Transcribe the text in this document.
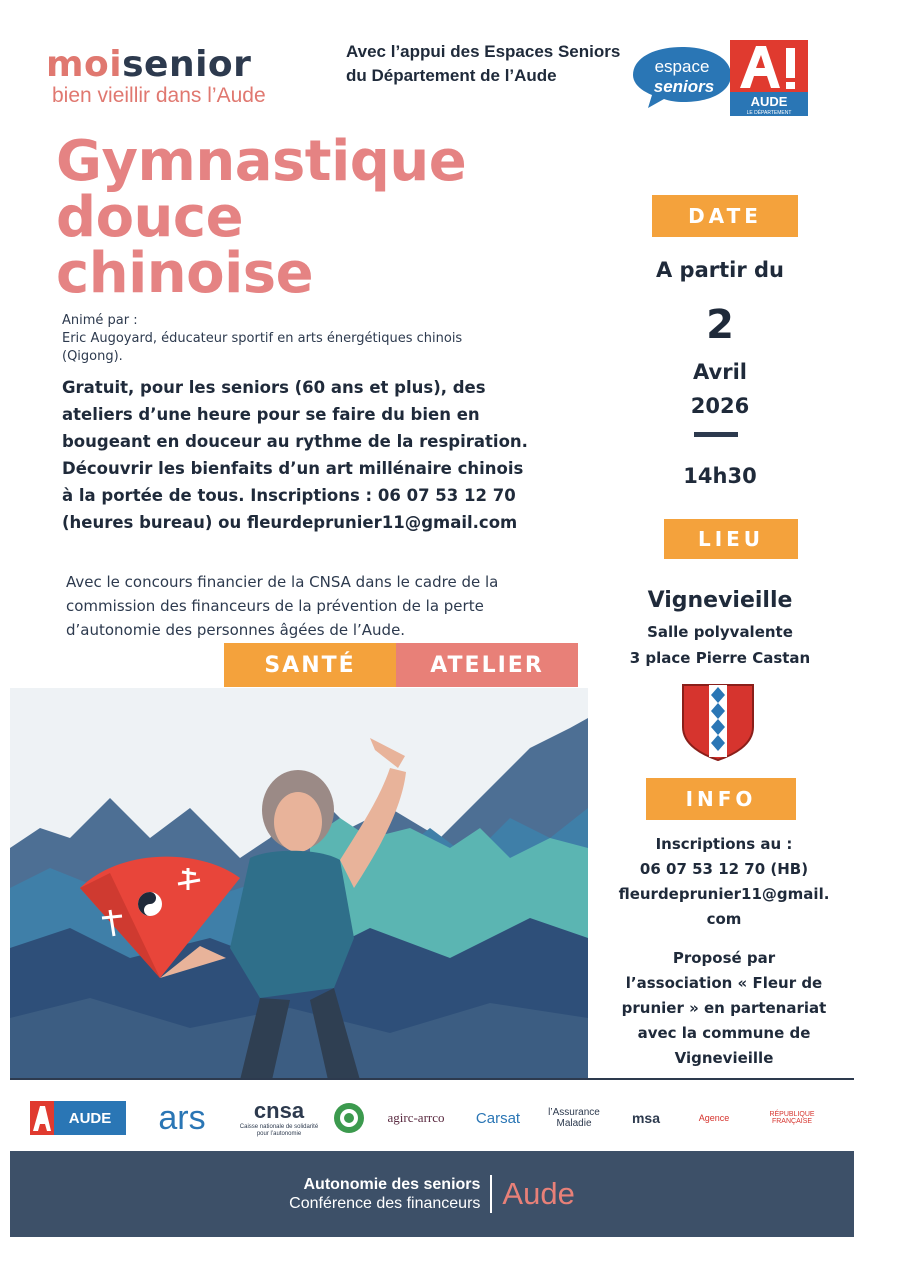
moisenior
bien vieillir dans l’Aude
Avec l’appui des Espaces Seniors
du Département de l’Aude	espace
seniors
AUDE
LE DÉPARTEMENT
Gymnastique
douce
chinoise
Animé par :
Eric Augoyard, éducateur sportif en arts énergétiques chinois
(Qigong).
Gratuit, pour les seniors (60 ans et plus), des ateliers d’une heure pour se faire du bien en bougeant en douceur au rythme de la respiration. Découvrir les bienfaits d’un art millénaire chinois à la portée de tous. Inscriptions : 06 07 53 12 70 (heures bureau) ou fleurdeprunier11@gmail.com
Avec le concours financier de la CNSA dans le cadre de la commission des financeurs de la prévention de la perte d’autonomie des personnes âgées de l’Aude.
SANTÉ	ATELIER
DATE
A partir du
2
Avril
2026
14h30
LIEU
Vignevieille
Salle polyvalente
3 place Pierre Castan
INFO
Inscriptions au :
06 07 53 12 70 (HB)
fleurdeprunier11@gmail.
com
Proposé par
l’association « Fleur de
prunier » en partenariat
avec la commune de
Vignevieille
AUDE	ars	cnsa
Caisse nationale de solidarité pour l’autonomie
agirc-arrco	Carsat	l’Assurance Maladie	msa	Agence	RÉPUBLIQUE FRANÇAISE
Autonomie des seniors
Conférence des financeurs Aude
